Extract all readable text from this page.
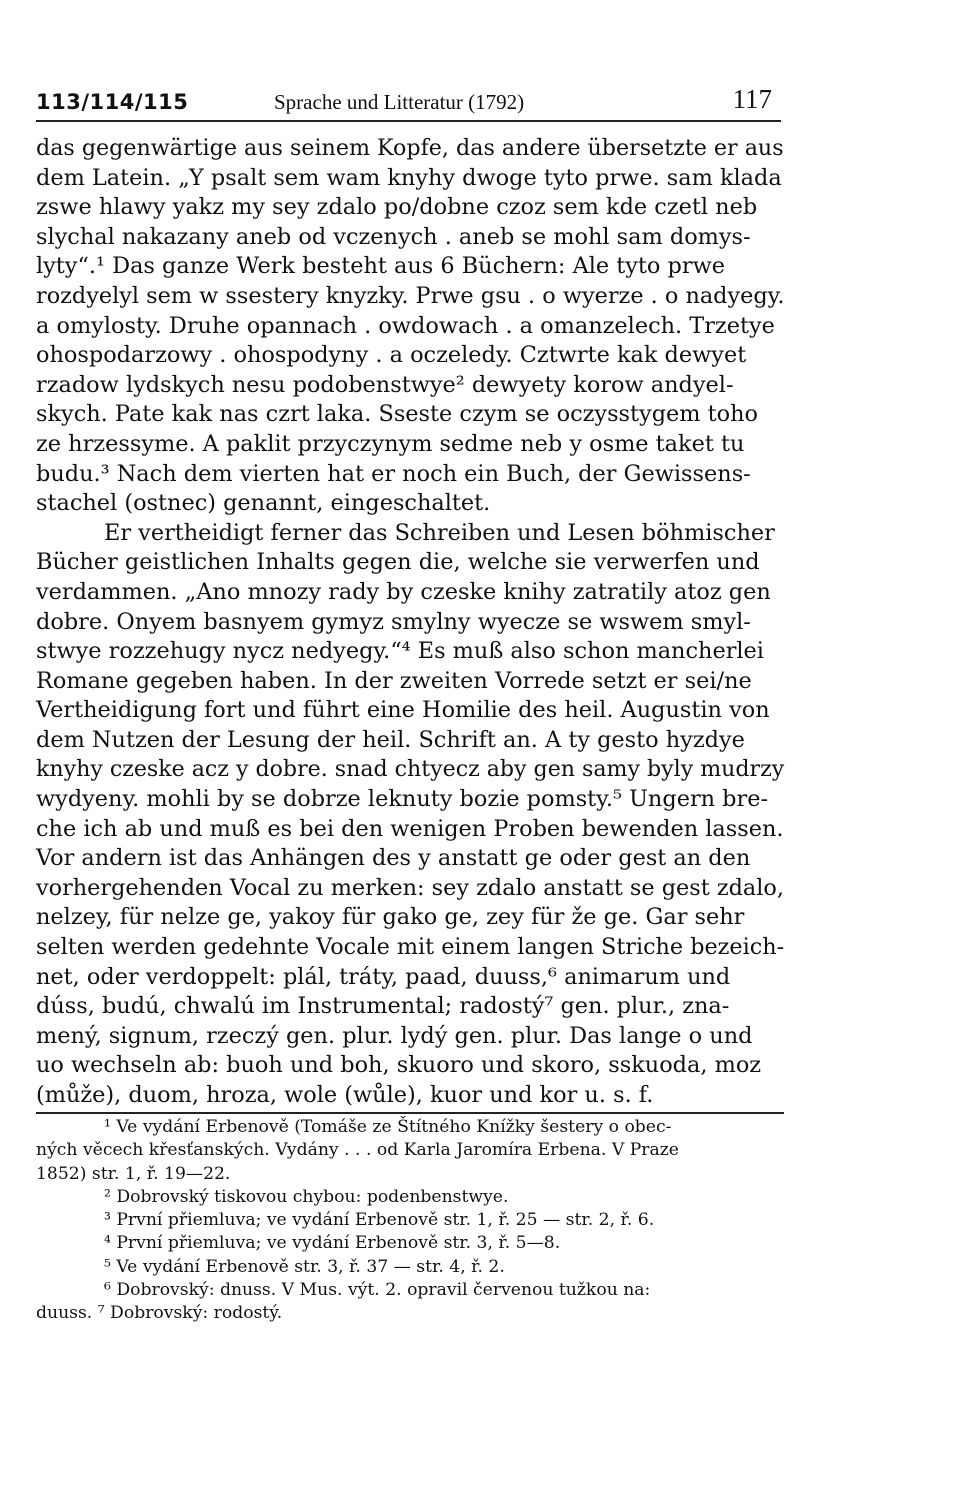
113/114/115	Sprache und Litteratur (1792)	117
das gegenwärtige aus seinem Kopfe, das andere übersetzte er aus
dem Latein. „Y psalt sem wam knyhy dwoge tyto prwe. sam klada
zswe hlawy yakz my sey zdalo po/dobne czoz sem kde czetl neb
slychal nakazany aneb od vczenych . aneb se mohl sam domys-
lyty“.¹ Das ganze Werk besteht aus 6 Büchern: Ale tyto prwe
rozdyelyl sem w ssestery knyzky. Prwe gsu . o wyerze . o nadyegy.
a omylosty. Druhe opannach . owdowach . a omanzelech. Trzetye
ohospodarzowy . ohospodyny . a oczeledy. Cztwrte kak dewyet
rzadow lydskych nesu podobenstwye² dewyety korow andyel-
skych. Pate kak nas czrt laka. Sseste czym se oczysstygem toho
ze hrzessyme. A paklit przyczynym sedme neb y osme taket tu
budu.³ Nach dem vierten hat er noch ein Buch, der Gewissens-
stachel (ostnec) genannt, eingeschaltet.
Er vertheidigt ferner das Schreiben und Lesen böhmischer
Bücher geistlichen Inhalts gegen die, welche sie verwerfen und
verdammen. „Ano mnozy rady by czeske knihy zatratily atoz gen
dobre. Onyem basnyem gymyz smylny wyecze se wswem smyl-
stwye rozzehugy nycz nedyegy.“⁴ Es muß also schon mancherlei
Romane gegeben haben. In der zweiten Vorrede setzt er sei/ne
Vertheidigung fort und führt eine Homilie des heil. Augustin von
dem Nutzen der Lesung der heil. Schrift an. A ty gesto hyzdye
knyhy czeske acz y dobre. snad chtyecz aby gen samy byly mudrzy
wydyeny. mohli by se dobrze leknuty bozie pomsty.⁵ Ungern bre-
che ich ab und muß es bei den wenigen Proben bewenden lassen.
Vor andern ist das Anhängen des y anstatt ge oder gest an den
vorhergehenden Vocal zu merken: sey zdalo anstatt se gest zdalo,
nelzey, für nelze ge, yakoy für gako ge, zey für že ge. Gar sehr
selten werden gedehnte Vocale mit einem langen Striche bezeich-
net, oder verdoppelt: plál, tráty, paad, duuss,⁶ animarum und
dúss, budú, chwalú im Instrumental; radostý⁷ gen. plur., zna-
mený, signum, rzeczý gen. plur. lydý gen. plur. Das lange o und
uo wechseln ab: buoh und boh, skuoro und skoro, sskuoda, moz
(může), duom, hroza, wole (wůle), kuor und kor u. s. f.
¹ Ve vydání Erbenově (Tomáše ze Štítného Knížky šestery o obec-
ných věcech křesťanských. Vydány . . . od Karla Jaromíra Erbena. V Praze
1852) str. 1, ř. 19—22.
² Dobrovský tiskovou chybou: podenbenstwye.
³ První přiemluva; ve vydání Erbenově str. 1, ř. 25 — str. 2, ř. 6.
⁴ První přiemluva; ve vydání Erbenově str. 3, ř. 5—8.
⁵ Ve vydání Erbenově str. 3, ř. 37 — str. 4, ř. 2.
⁶ Dobrovský: dnuss. V Mus. výt. 2. opravil červenou tužkou na:
duuss. ⁷ Dobrovský: rodostý.
